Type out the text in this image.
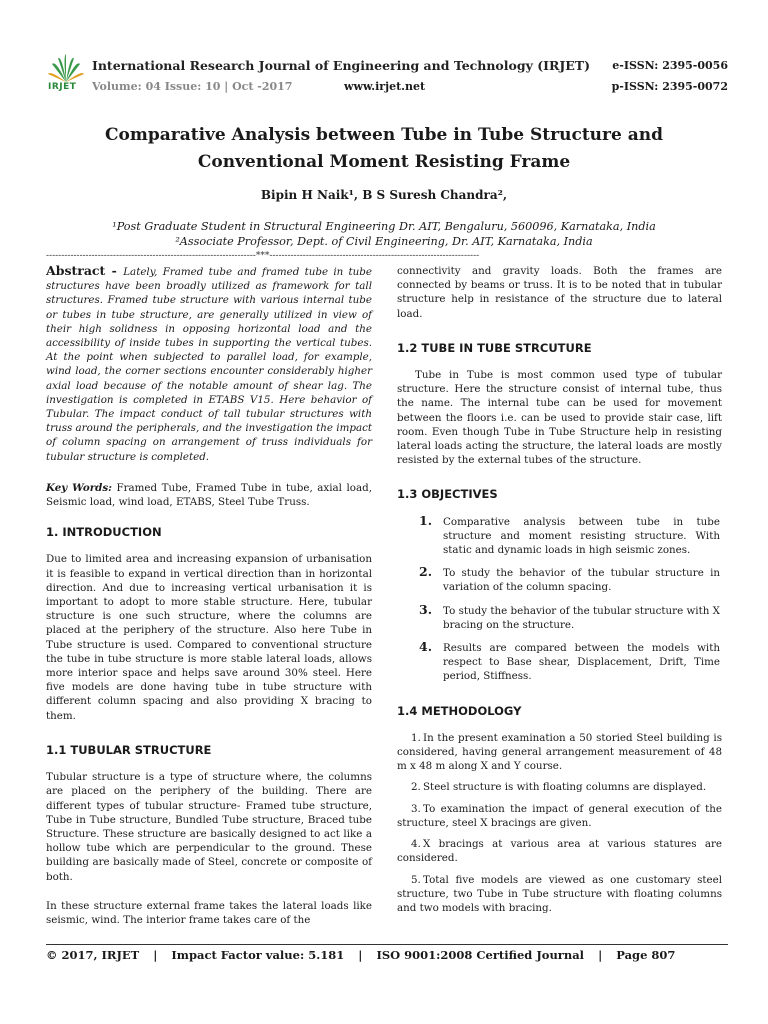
IRJET
International Research Journal of Engineering and Technology (IRJET) e-ISSN: 2395-0056
Volume: 04 Issue: 10 | Oct -2017	www.irjet.net	p-ISSN: 2395-0072
Comparative Analysis between Tube in Tube Structure and Conventional Moment Resisting Frame
Bipin H Naik¹, B S Suresh Chandra²,
¹Post Graduate Student in Structural Engineering Dr. AIT, Bengaluru, 560096, Karnataka, India
²Associate Professor, Dept. of Civil Engineering, Dr. AIT, Karnataka, India
---------------------------------------------------------------------***---------------------------------------------------------------------

Abstract - Lately, Framed tube and framed tube in tube structures have been broadly utilized as framework for tall structures. Framed tube structure with various internal tube or tubes in tube structure, are generally utilized in view of their high solidness in opposing horizontal load and the accessibility of inside tubes in supporting the vertical tubes. At the point when subjected to parallel load, for example, wind load, the corner sections encounter considerably higher axial load because of the notable amount of shear lag. The investigation is completed in ETABS V15. Here behavior of Tubular. The impact conduct of tall tubular structures with truss around the peripherals, and the investigation the impact of column spacing on arrangement of truss individuals for tubular structure is completed.

Key Words: Framed Tube, Framed Tube in tube, axial load, Seismic load, wind load, ETABS, Steel Tube Truss.

1. INTRODUCTION

Due to limited area and increasing expansion of urbanisation it is feasible to expand in vertical direction than in horizontal direction. And due to increasing vertical urbanisation it is important to adopt to more stable structure. Here, tubular structure is one such structure, where the columns are placed at the periphery of the structure. Also here Tube in Tube structure is used. Compared to conventional structure the tube in tube structure is more stable lateral loads, allows more interior space and helps save around 30% steel. Here five models are done having tube in tube structure with different column spacing and also providing X bracing to them.

1.1 TUBULAR STRUCTURE

Tubular structure is a type of structure where, the columns are placed on the periphery of the building. There are different types of tubular structure- Framed tube structure, Tube in Tube structure, Bundled Tube structure, Braced tube Structure. These structure are basically designed to act like a hollow tube which are perpendicular to the ground. These building are basically made of Steel, concrete or composite of both.

In these structure external frame takes the lateral loads like seismic, wind. The interior frame takes care of the

connectivity and gravity loads. Both the frames are connected by beams or truss. It is to be noted that in tubular structure help in resistance of the structure due to lateral load.

1.2 TUBE IN TUBE STRCUTURE

Tube in Tube is most common used type of tubular structure. Here the structure consist of internal tube, thus the name. The internal tube can be used for movement between the floors i.e. can be used to provide stair case, lift room. Even though Tube in Tube Structure help in resisting lateral loads acting the structure, the lateral loads are mostly resisted by the external tubes of the structure.

1.3 OBJECTIVES
1. Comparative analysis between tube in tube structure and moment resisting structure. With static and dynamic loads in high seismic zones.
2. To study the behavior of the tubular structure in variation of the column spacing.
3. To study the behavior of the tubular structure with X bracing on the structure.
4. Results are compared between the models with respect to Base shear, Displacement, Drift, Time period, Stiffness.
1.4 METHODOLOGY

1. In the present examination a 50 storied Steel building is considered, having general arrangement measurement of 48 m x 48 m along X and Y course.

2. Steel structure is with floating columns are displayed.

3. To examination the impact of general execution of the structure, steel X bracings are given.

4. X bracings at various area at various statures are considered.

5. Total five models are viewed as one customary steel structure, two Tube in Tube structure with floating columns and two models with bracing.

© 2017, IRJET | Impact Factor value: 5.181 | ISO 9001:2008 Certified Journal | Page 807
